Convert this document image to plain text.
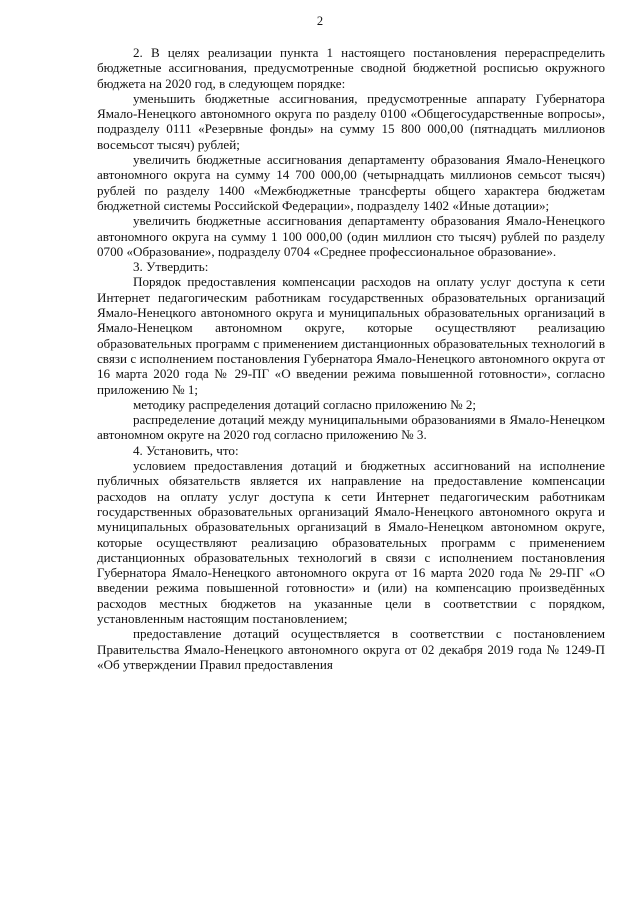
2

2. В целях реализации пункта 1 настоящего постановления перераспределить бюджетные ассигнования, предусмотренные сводной бюджетной росписью окружного бюджета на 2020 год, в следующем порядке:

уменьшить бюджетные ассигнования, предусмотренные аппарату Губернатора Ямало-Ненецкого автономного округа по разделу 0100 «Общегосударственные вопросы», подразделу 0111 «Резервные фонды» на сумму 15 800 000,00 (пятнадцать миллионов восемьсот тысяч) рублей;

увеличить бюджетные ассигнования департаменту образования Ямало-Ненецкого автономного округа на сумму 14 700 000,00 (четырнадцать миллионов семьсот тысяч) рублей по разделу 1400 «Межбюджетные трансферты общего характера бюджетам бюджетной системы Российской Федерации», подразделу 1402 «Иные дотации»;

увеличить бюджетные ассигнования департаменту образования Ямало-Ненецкого автономного округа на сумму 1 100 000,00 (один миллион сто тысяч) рублей по разделу 0700 «Образование», подразделу 0704 «Среднее профессиональное образование».

3. Утвердить:

Порядок предоставления компенсации расходов на оплату услуг доступа к сети Интернет педагогическим работникам государственных образовательных организаций Ямало-Ненецкого автономного округа и муниципальных образовательных организаций в Ямало-Ненецком автономном округе, которые осуществляют реализацию образовательных программ с применением дистанционных образовательных технологий в связи с исполнением постановления Губернатора Ямало-Ненецкого автономного округа от 16 марта 2020 года № 29-ПГ «О введении режима повышенной готовности», согласно приложению № 1;

методику распределения дотаций согласно приложению № 2;

распределение дотаций между муниципальными образованиями в Ямало-Ненецком автономном округе на 2020 год согласно приложению № 3.

4. Установить, что:

условием предоставления дотаций и бюджетных ассигнований на исполнение публичных обязательств является их направление на предоставление компенсации расходов на оплату услуг доступа к сети Интернет педагогическим работникам государственных образовательных организаций Ямало-Ненецкого автономного округа и муниципальных образовательных организаций в Ямало-Ненецком автономном округе, которые осуществляют реализацию образовательных программ с применением дистанционных образовательных технологий в связи с исполнением постановления Губернатора Ямало-Ненецкого автономного округа от 16 марта 2020 года № 29-ПГ «О введении режима повышенной готовности» и (или) на компенсацию произведённых расходов местных бюджетов на указанные цели в соответствии с порядком, установленным настоящим постановлением;

предоставление дотаций осуществляется в соответствии с постановлением Правительства Ямало-Ненецкого автономного округа от 02 декабря 2019 года № 1249-П «Об утверждении Правил предоставления
